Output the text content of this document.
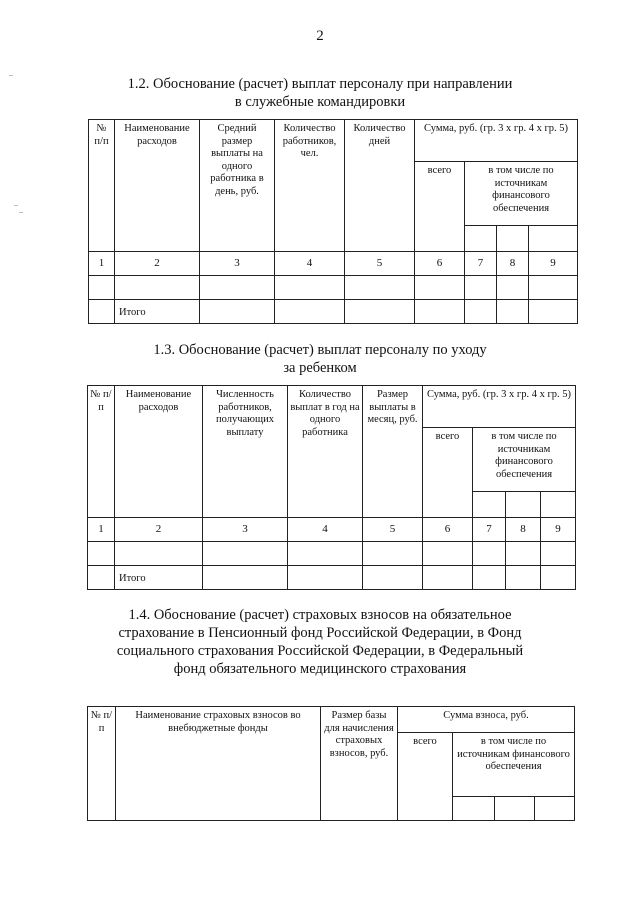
2
1.2. Обоснование (расчет) выплат персоналу при направлении
в служебные командировки
№ п/п	Наименование расходов	Средний размер выплаты на одного работника в день, руб.	Количество работников, чел.	Количество дней	Сумма, руб. (гр. 3 х гр. 4 х гр. 5)			
					всего	в том числе по источникам финансового обеспечения		

1	2	3	4	5	6	7	8	9

	Итого							
1.3. Обоснование (расчет) выплат персоналу по уходу
за ребенком
№ п/п	Наименование расходов	Численность работников, получающих выплату	Количество выплат в год на одного работника	Размер выплаты в месяц, руб.	Сумма, руб. (гр. 3 х гр. 4 х гр. 5)			
					всего	в том числе по источникам финансового обеспечения		

1	2	3	4	5	6	7	8	9

	Итого							
1.4. Обоснование (расчет) страховых взносов на обязательное
страхование в Пенсионный фонд Российской Федерации, в Фонд
социального страхования Российской Федерации, в Федеральный
фонд обязательного медицинского страхования
№ п/п	Наименование страховых взносов во внебюджетные фонды	Размер базы для начисления страховых взносов, руб.	Сумма взноса, руб.			
			всего	в том числе по источникам финансового обеспечения		
